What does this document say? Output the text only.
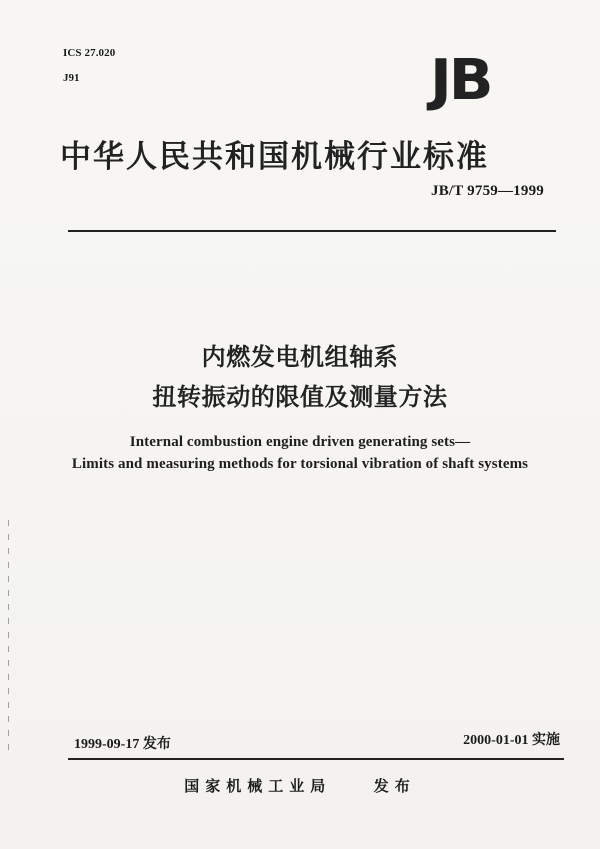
ICS 27.020
J91	JB
中华人民共和国机械行业标准
JB/T 9759—1999
内燃发电机组轴系
扭转振动的限值及测量方法
Internal combustion engine driven generating sets—
Limits and measuring methods for torsional vibration of shaft systems
1999-09-17 发布	2000-01-01 实施
国家机械工业局	发布
